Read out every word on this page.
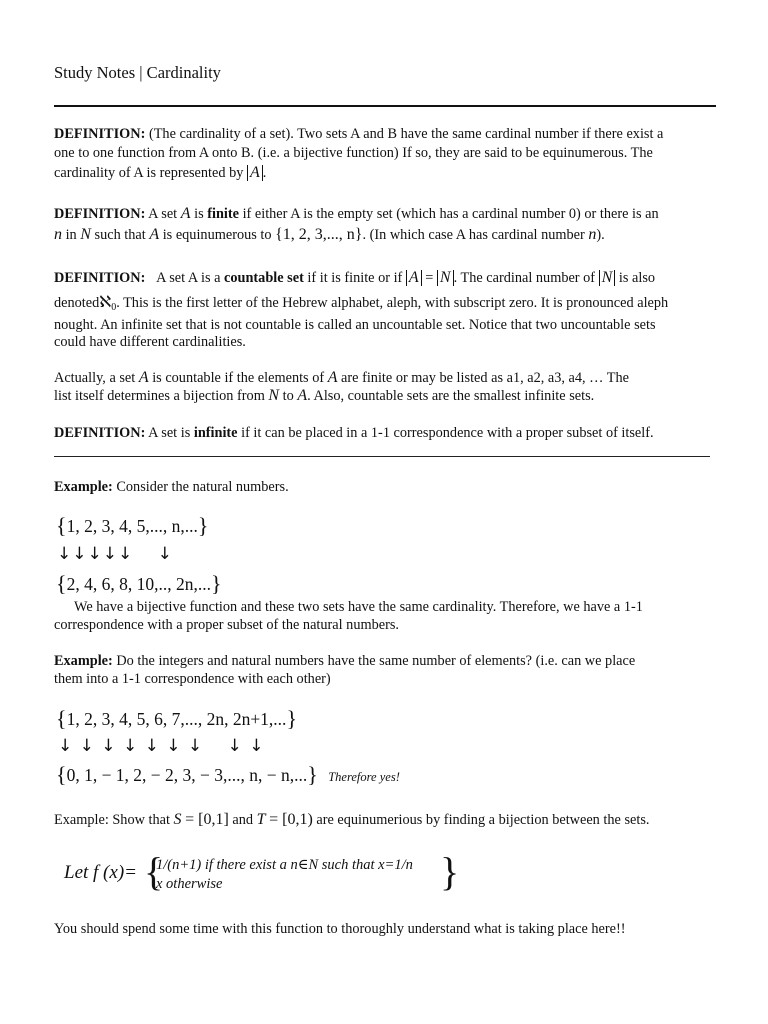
Study Notes | Cardinality
DEFINITION: (The cardinality of a set). Two sets A and B have the same cardinal number if there exist a
one to one function from A onto B. (i.e. a bijective function) If so, they are said to be equinumerous. The
cardinality of A is represented by A .
DEFINITION: A set A is finite if either A is the empty set (which has a cardinal number 0) or there is an
n in N such that A is equinumerous to {1, 2, 3,..., n}. (In which case A has cardinal number n).
DEFINITION: A set A is a countable set if it is finite or if A = N . The cardinal number of N is also
denotedℵ$_0$. This is the first letter of the Hebrew alphabet, aleph, with subscript zero. It is pronounced aleph
nought. An infinite set that is not countable is called an uncountable set. Notice that two uncountable sets
could have different cardinalities.
Actually, a set A is countable if the elements of A are finite or may be listed as a1, a2, a3, a4, … The
list itself determines a bijection from N to A. Also, countable sets are the smallest infinite sets.
DEFINITION: A set is infinite if it can be placed in a 1-1 correspondence with a proper subset of itself.
Example: Consider the natural numbers.
{1, 2, 3, 4, 5,..., n,...}
↓↓↓↓↓ ↓
{2, 4, 6, 8, 10,.., 2n,...}
We have a bijective function and these two sets have the same cardinality. Therefore, we have a 1-1
correspondence with a proper subset of the natural numbers.
Example: Do the integers and natural numbers have the same number of elements? (i.e. can we place
them into a 1-1 correspondence with each other)
{1, 2, 3, 4, 5, 6, 7,..., 2n, 2n+1,...}
↓ ↓ ↓ ↓ ↓ ↓ ↓ ↓ ↓
{0, 1, − 1, 2, − 2, 3, − 3,..., n, − n,...} Therefore yes!
Example: Show that S = [0,1] and T = [0,1) are equinumerious by finding a bijection between the sets.
Let f (x)= {
1/(n+1) if there exist a n∈N such that x=1/n
x otherwise	}
You should spend some time with this function to thoroughly understand what is taking place here!!
